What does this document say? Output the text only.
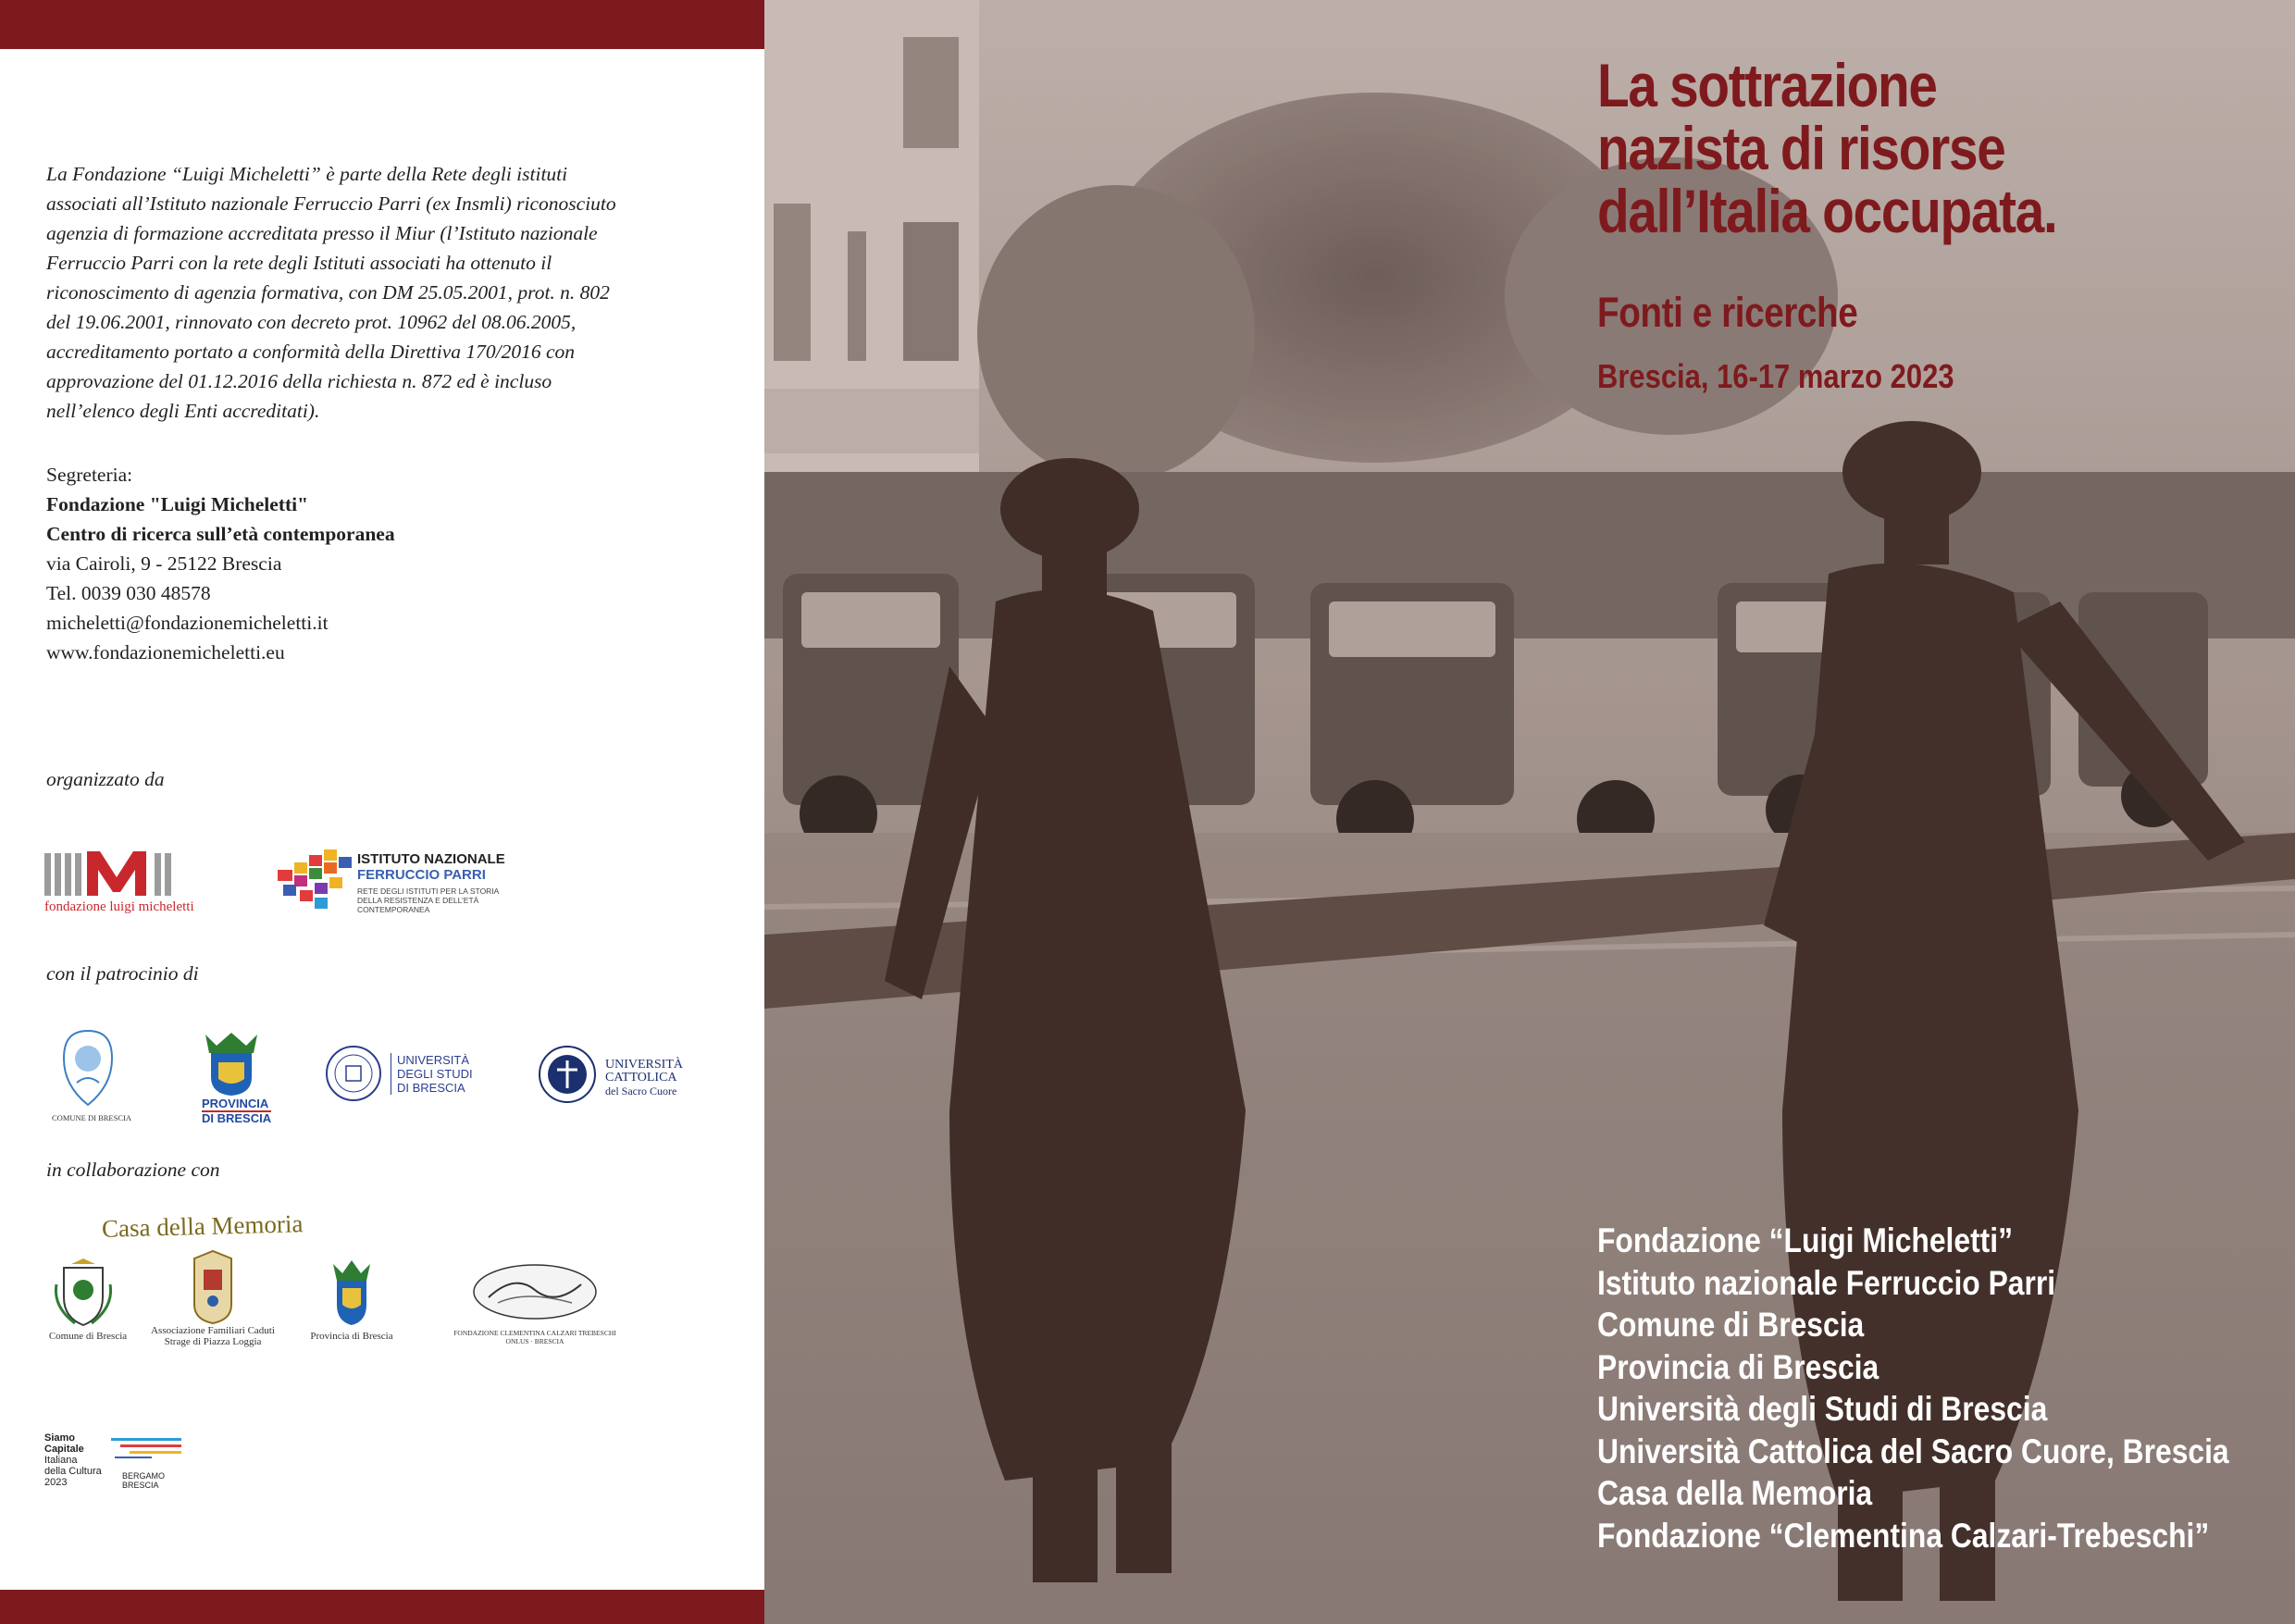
La Fondazione “Luigi Micheletti” è parte della Rete degli istituti associati all’Istituto nazionale Ferruccio Parri (ex Insmli) riconosciuto agenzia di formazione accreditata presso il Miur (l’Istituto nazionale Ferruccio Parri con la rete degli Istituti associati ha ottenuto il riconoscimento di agenzia formativa, con DM 25.05.2001, prot. n. 802 del 19.06.2001, rinnovato con decreto prot. 10962 del 08.06.2005, accreditamento portato a conformità della Direttiva 170/2016 con approvazione del 01.12.2016 della richiesta n. 872 ed è incluso nell’elenco degli Enti accreditati).

Segreteria:
Fondazione "Luigi Micheletti"
Centro di ricerca sull’età contemporanea
via Cairoli, 9 - 25122 Brescia
Tel. 0039 030 48578
micheletti@fondazionemicheletti.it
www.fondazionemicheletti.eu
organizzato da
fondazione luigi micheletti
ISTITUTO NAZIONALE
FERRUCCIO PARRI
RETE DEGLI ISTITUTI PER LA STORIA
DELLA RESISTENZA E DELL’ETÀ
CONTEMPORANEA
con il patrocinio di
COMUNE DI BRESCIA
PROVINCIA
DI BRESCIA
UNIVERSITÀ
DEGLI STUDI
DI BRESCIA
UNIVERSITÀ
CATTOLICA
del Sacro Cuore
in collaborazione con
Casa della Memoria
Comune di Brescia	Associazione Familiari Caduti
Strage di Piazza Loggia	Provincia di Brescia	FONDAZIONE CLEMENTINA CALZARI TREBESCHI
ONLUS · BRESCIA
Siamo
Capitale
Italiana
della Cultura
2023
BERGAMO
BRESCIA
La sottrazione
nazista di risorse
dall’Italia occupata.
Fonti e ricerche
Brescia, 16-17 marzo 2023
Fondazione “Luigi Micheletti”
Istituto nazionale Ferruccio Parri
Comune di Brescia
Provincia di Brescia
Università degli Studi di Brescia
Università Cattolica del Sacro Cuore, Brescia
Casa della Memoria
Fondazione “Clementina Calzari-Trebeschi”
